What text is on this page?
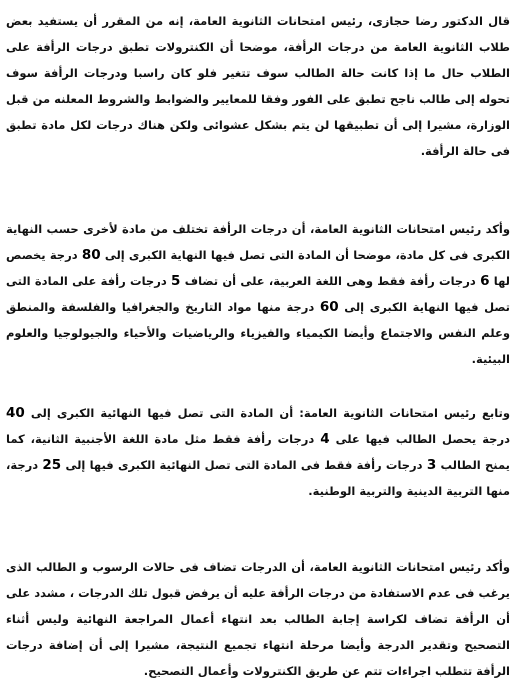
قال الدكتور رضا حجازى، رئيس امتحانات الثانوية العامة، إنه من المقرر أن يستفيد بعض طلاب الثانوية العامة من درجات الرأفة، موضحا أن الكنترولات تطبق درجات الرأفة على الطلاب حال ما إذا كانت حالة الطالب سوف تتغير فلو كان راسبا ودرجات الرأفة سوف تحوله إلى طالب ناجح تطبق على الفور وفقا للمعايير والضوابط والشروط المعلنه من قبل الوزارة، مشيرا إلى أن تطبيقها لن يتم بشكل عشوائى ولكن هناك درجات لكل مادة تطبق فى حالة الرأفة.

وأكد رئيس امتحانات الثانوية العامة، أن درجات الرأفة تختلف من مادة لأخرى حسب النهاية الكبرى فى كل مادة، موضحا أن المادة التى تصل فيها النهاية الكبرى إلى 80 درجة يخصص لها 6 درجات رأفة فقط وهى اللغة العربية، على أن تضاف 5 درجات رأفة على المادة التى تصل فيها النهاية الكبرى إلى 60 درجة منها مواد التاريخ والجغرافيا والفلسفة والمنطق وعلم النفس والاجتماع وأيضا الكيمياء والفيزياء والرياضيات والأحياء والجيولوجيا والعلوم البيئية.

وتابع رئيس امتحانات الثانوية العامة: أن المادة التى تصل فيها النهائية الكبرى إلى 40 درجة يحصل الطالب فيها على 4 درجات رأفة فقط مثل مادة اللغة الأجنبية الثانية، كما يمنح الطالب 3 درجات رأفة فقط فى المادة التى تصل النهائية الكبرى فيها إلى 25 درجة، منها التربية الدينية والتربية الوطنية.

وأكد رئيس امتحانات الثانوية العامة، أن الدرجات تضاف فى حالات الرسوب و الطالب الذى يرغب فى عدم الاستفادة من درجات الرأفة عليه أن يرفض قبول تلك الدرجات ، مشدد على أن الرأفة تضاف لكراسة إجابة الطالب بعد انتهاء أعمال المراجعة النهائية وليس أثناء التصحيح وتقدير الدرجة وأيضا مرحلة انتهاء تجميع النتيجة، مشيرا إلى أن إضافة درجات الرأفة تتطلب اجراءات تتم عن طريق الكنترولات وأعمال التصحيح.
